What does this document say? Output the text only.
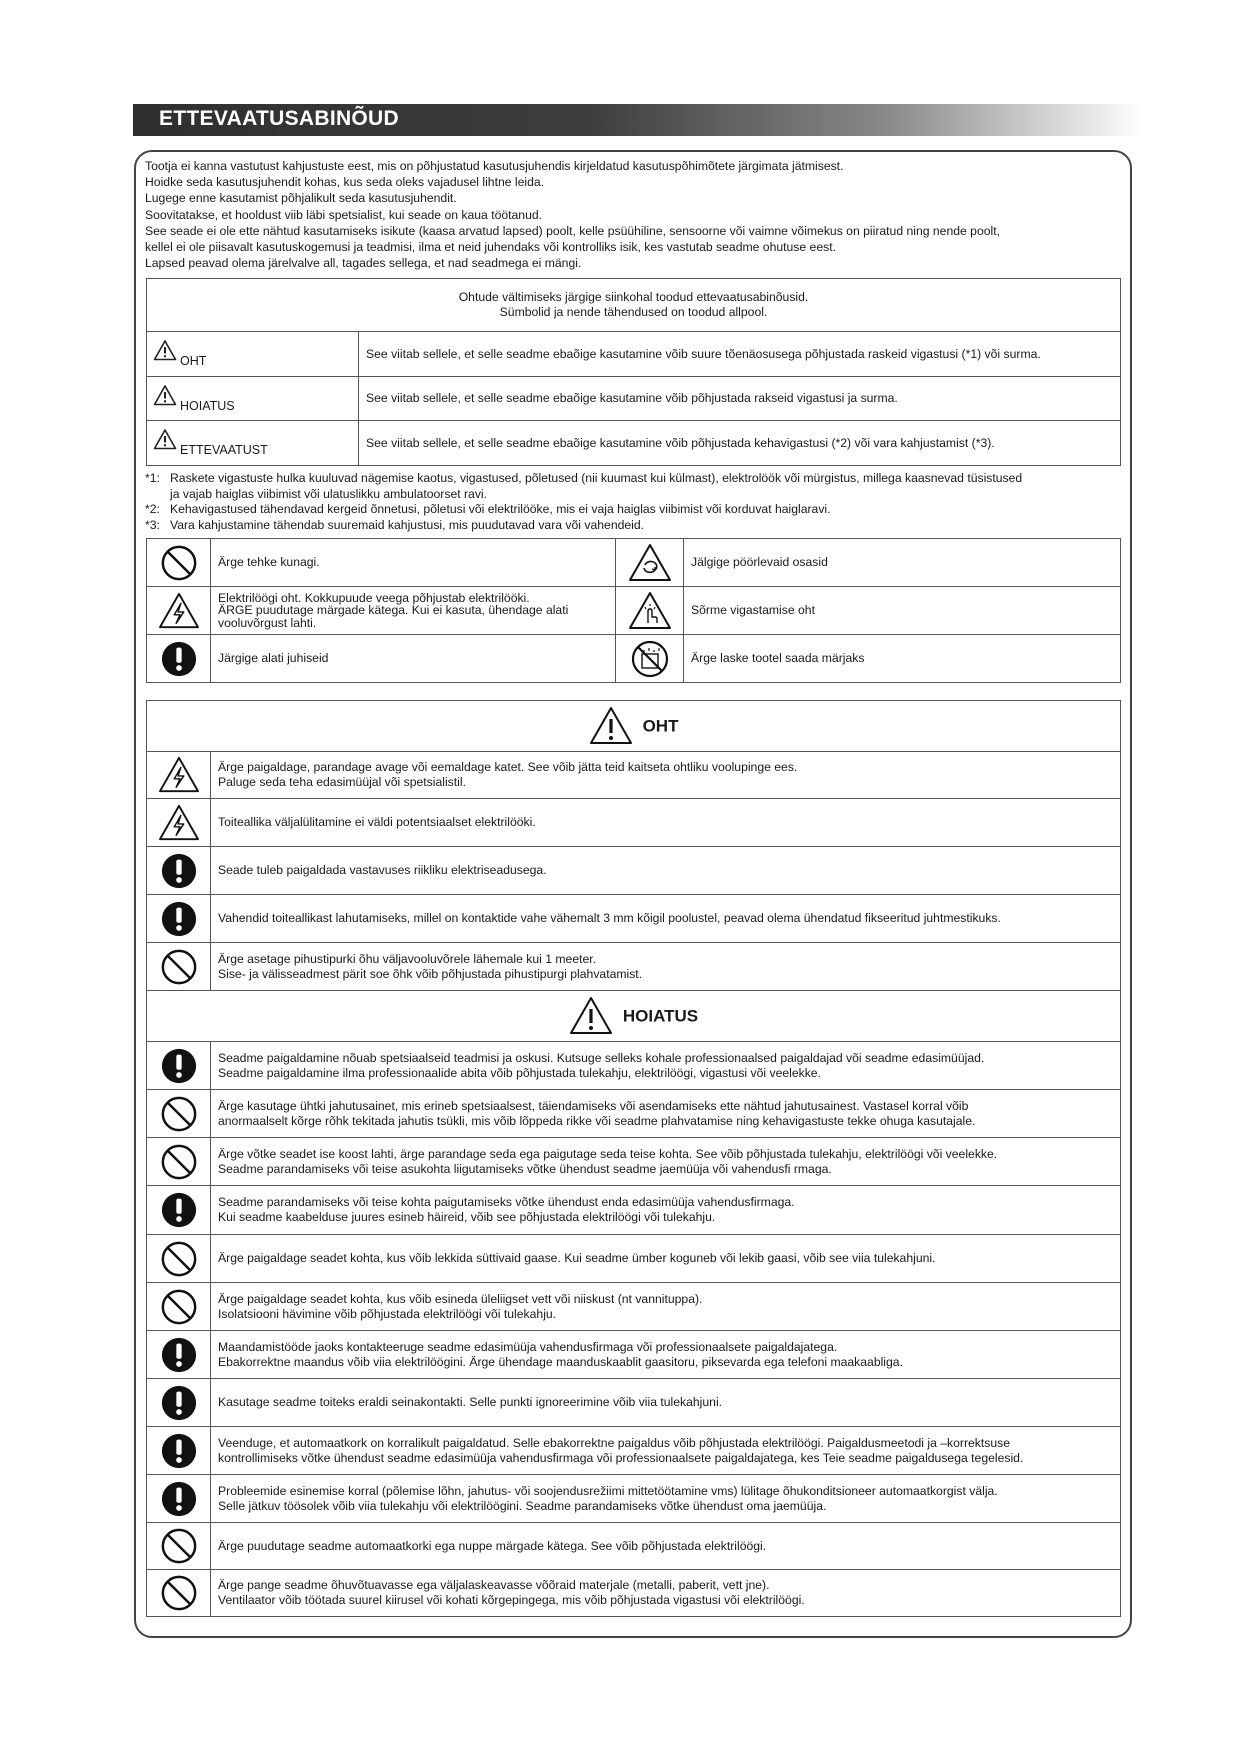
ETTEVAATUSABINÕUD
Tootja ei kanna vastutust kahjustuste eest, mis on põhjustatud kasutusjuhendis kirjeldatud kasutuspõhimõtete järgimata jätmisest.
Hoidke seda kasutusjuhendit kohas, kus seda oleks vajadusel lihtne leida.
Lugege enne kasutamist põhjalikult seda kasutusjuhendit.
Soovitatakse, et hooldust viib läbi spetsialist, kui seade on kaua töötanud.
See seade ei ole ette nähtud kasutamiseks isikute (kaasa arvatud lapsed) poolt, kelle psüühiline, sensoorne või vaimne võimekus on piiratud ning nende poolt,
kellel ei ole piisavalt kasutuskogemusi ja teadmisi, ilma et neid juhendaks või kontrolliks isik, kes vastutab seadme ohutuse eest.
Lapsed peavad olema järelvalve all, tagades sellega, et nad seadmega ei mängi.
Ohtude vältimiseks järgige siinkohal toodud ettevaatusabinõusid.
Sümbolid ja nende tähendused on toodud allpool.	

OHT	See viitab sellele, et selle seadme ebaõige kasutamine võib suure tõenäosusega põhjustada raskeid vigastusi (*1) või surma.
HOIATUS	See viitab sellele, et selle seadme ebaõige kasutamine võib põhjustada rakseid vigastusi ja surma.
ETTEVAATUST	See viitab sellele, et selle seadme ebaõige kasutamine võib põhjustada kehavigastusi (*2) või vara kahjustamist (*3).
*1: Raskete vigastuste hulka kuuluvad nägemise kaotus, vigastused, põletused (nii kuumast kui külmast), elektrolöök või mürgistus, millega kaasnevad tüsistused
ja vajab haiglas viibimist või ulatuslikku ambulatoorset ravi.
*2: Kehavigastused tähendavad kergeid õnnetusi, põletusi või elektrilööke, mis ei vaja haiglas viibimist või korduvat haiglaravi.
*3: Vara kahjustamine tähendab suuremaid kahjustusi, mis puudutavad vara või vahendeid.

Ärge tehke kunagi.		Jälgige pöörlevaid osasid

Elektrilöögi oht. Kokkupuude veega põhjustab elektrilööki.
ÄRGE puudutage märgade kätega. Kui ei kasuta, ühendage alati
vooluvõrgust lahti.		Sõrme vigastamise oht

Järgige alati juhiseid		Ärge laske tootel saada märjaks
OHT	

Ärge paigaldage, parandage avage või eemaldage katet. See võib jätta teid kaitseta ohtliku voolupinge ees.
Paluge seda teha edasimüüjal või spetsialistil.

Toiteallika väljalülitamine ei väldi potentsiaalset elektrilööki.

Seade tuleb paigaldada vastavuses riikliku elektriseadusega.

Vahendid toiteallikast lahutamiseks, millel on kontaktide vahe vähemalt 3 mm kõigil poolustel, peavad olema ühendatud fikseeritud juhtmestikuks.

Ärge asetage pihustipurki õhu väljavooluvõrele lähemale kui 1 meeter.
Sise- ja välisseadmest pärit soe õhk võib põhjustada pihustipurgi plahvatamist.

HOIATUS	

Seadme paigaldamine nõuab spetsiaalseid teadmisi ja oskusi. Kutsuge selleks kohale professionaalsed paigaldajad või seadme edasimüüjad.
Seadme paigaldamine ilma professionaalide abita võib põhjustada tulekahju, elektrilöögi, vigastusi või veelekke.

Ärge kasutage ühtki jahutusainet, mis erineb spetsiaalsest, täiendamiseks või asendamiseks ette nähtud jahutusainest. Vastasel korral võib
anormaalselt kõrge rõhk tekitada jahutis tsükli, mis võib lõppeda rikke või seadme plahvatamise ning kehavigastuste tekke ohuga kasutajale.

Ärge võtke seadet ise koost lahti, ärge parandage seda ega paigutage seda teise kohta. See võib põhjustada tulekahju, elektrilöögi või veelekke.
Seadme parandamiseks või teise asukohta liigutamiseks võtke ühendust seadme jaemüüja või vahendusfi rmaga.

Seadme parandamiseks või teise kohta paigutamiseks võtke ühendust enda edasimüüja vahendusfirmaga.
Kui seadme kaabelduse juures esineb häireid, võib see põhjustada elektrilöögi või tulekahju.

Ärge paigaldage seadet kohta, kus võib lekkida süttivaid gaase. Kui seadme ümber koguneb või lekib gaasi, võib see viia tulekahjuni.

Ärge paigaldage seadet kohta, kus võib esineda üleliigset vett või niiskust (nt vannituppa).
Isolatsiooni hävimine võib põhjustada elektrilöögi või tulekahju.

Maandamistööde jaoks kontakteeruge seadme edasimüüja vahendusfirmaga või professionaalsete paigaldajatega.
Ebakorrektne maandus võib viia elektrilöögini. Ärge ühendage maanduskaablit gaasitoru, piksevarda ega telefoni maakaabliga.

Kasutage seadme toiteks eraldi seinakontakti. Selle punkti ignoreerimine võib viia tulekahjuni.

Veenduge, et automaatkork on korralikult paigaldatud. Selle ebakorrektne paigaldus võib põhjustada elektrilöögi. Paigaldusmeetodi ja –korrektsuse
kontrollimiseks võtke ühendust seadme edasimüüja vahendusfirmaga või professionaalsete paigaldajatega, kes Teie seadme paigaldusega tegelesid.

Probleemide esinemise korral (põlemise lõhn, jahutus- või soojendusrežiimi mittetöötamine vms) lülitage õhukonditsioneer automaatkorgist välja.
Selle jätkuv töösolek võib viia tulekahju või elektrilöögini. Seadme parandamiseks võtke ühendust oma jaemüüja.

Ärge puudutage seadme automaatkorki ega nuppe märgade kätega. See võib põhjustada elektrilöögi.

Ärge pange seadme õhuvõtuavasse ega väljalaskeavasse võõraid materjale (metalli, paberit, vett jne).
Ventilaator võib töötada suurel kiirusel või kohati kõrgepingega, mis võib põhjustada vigastusi või elektrilöögi.
